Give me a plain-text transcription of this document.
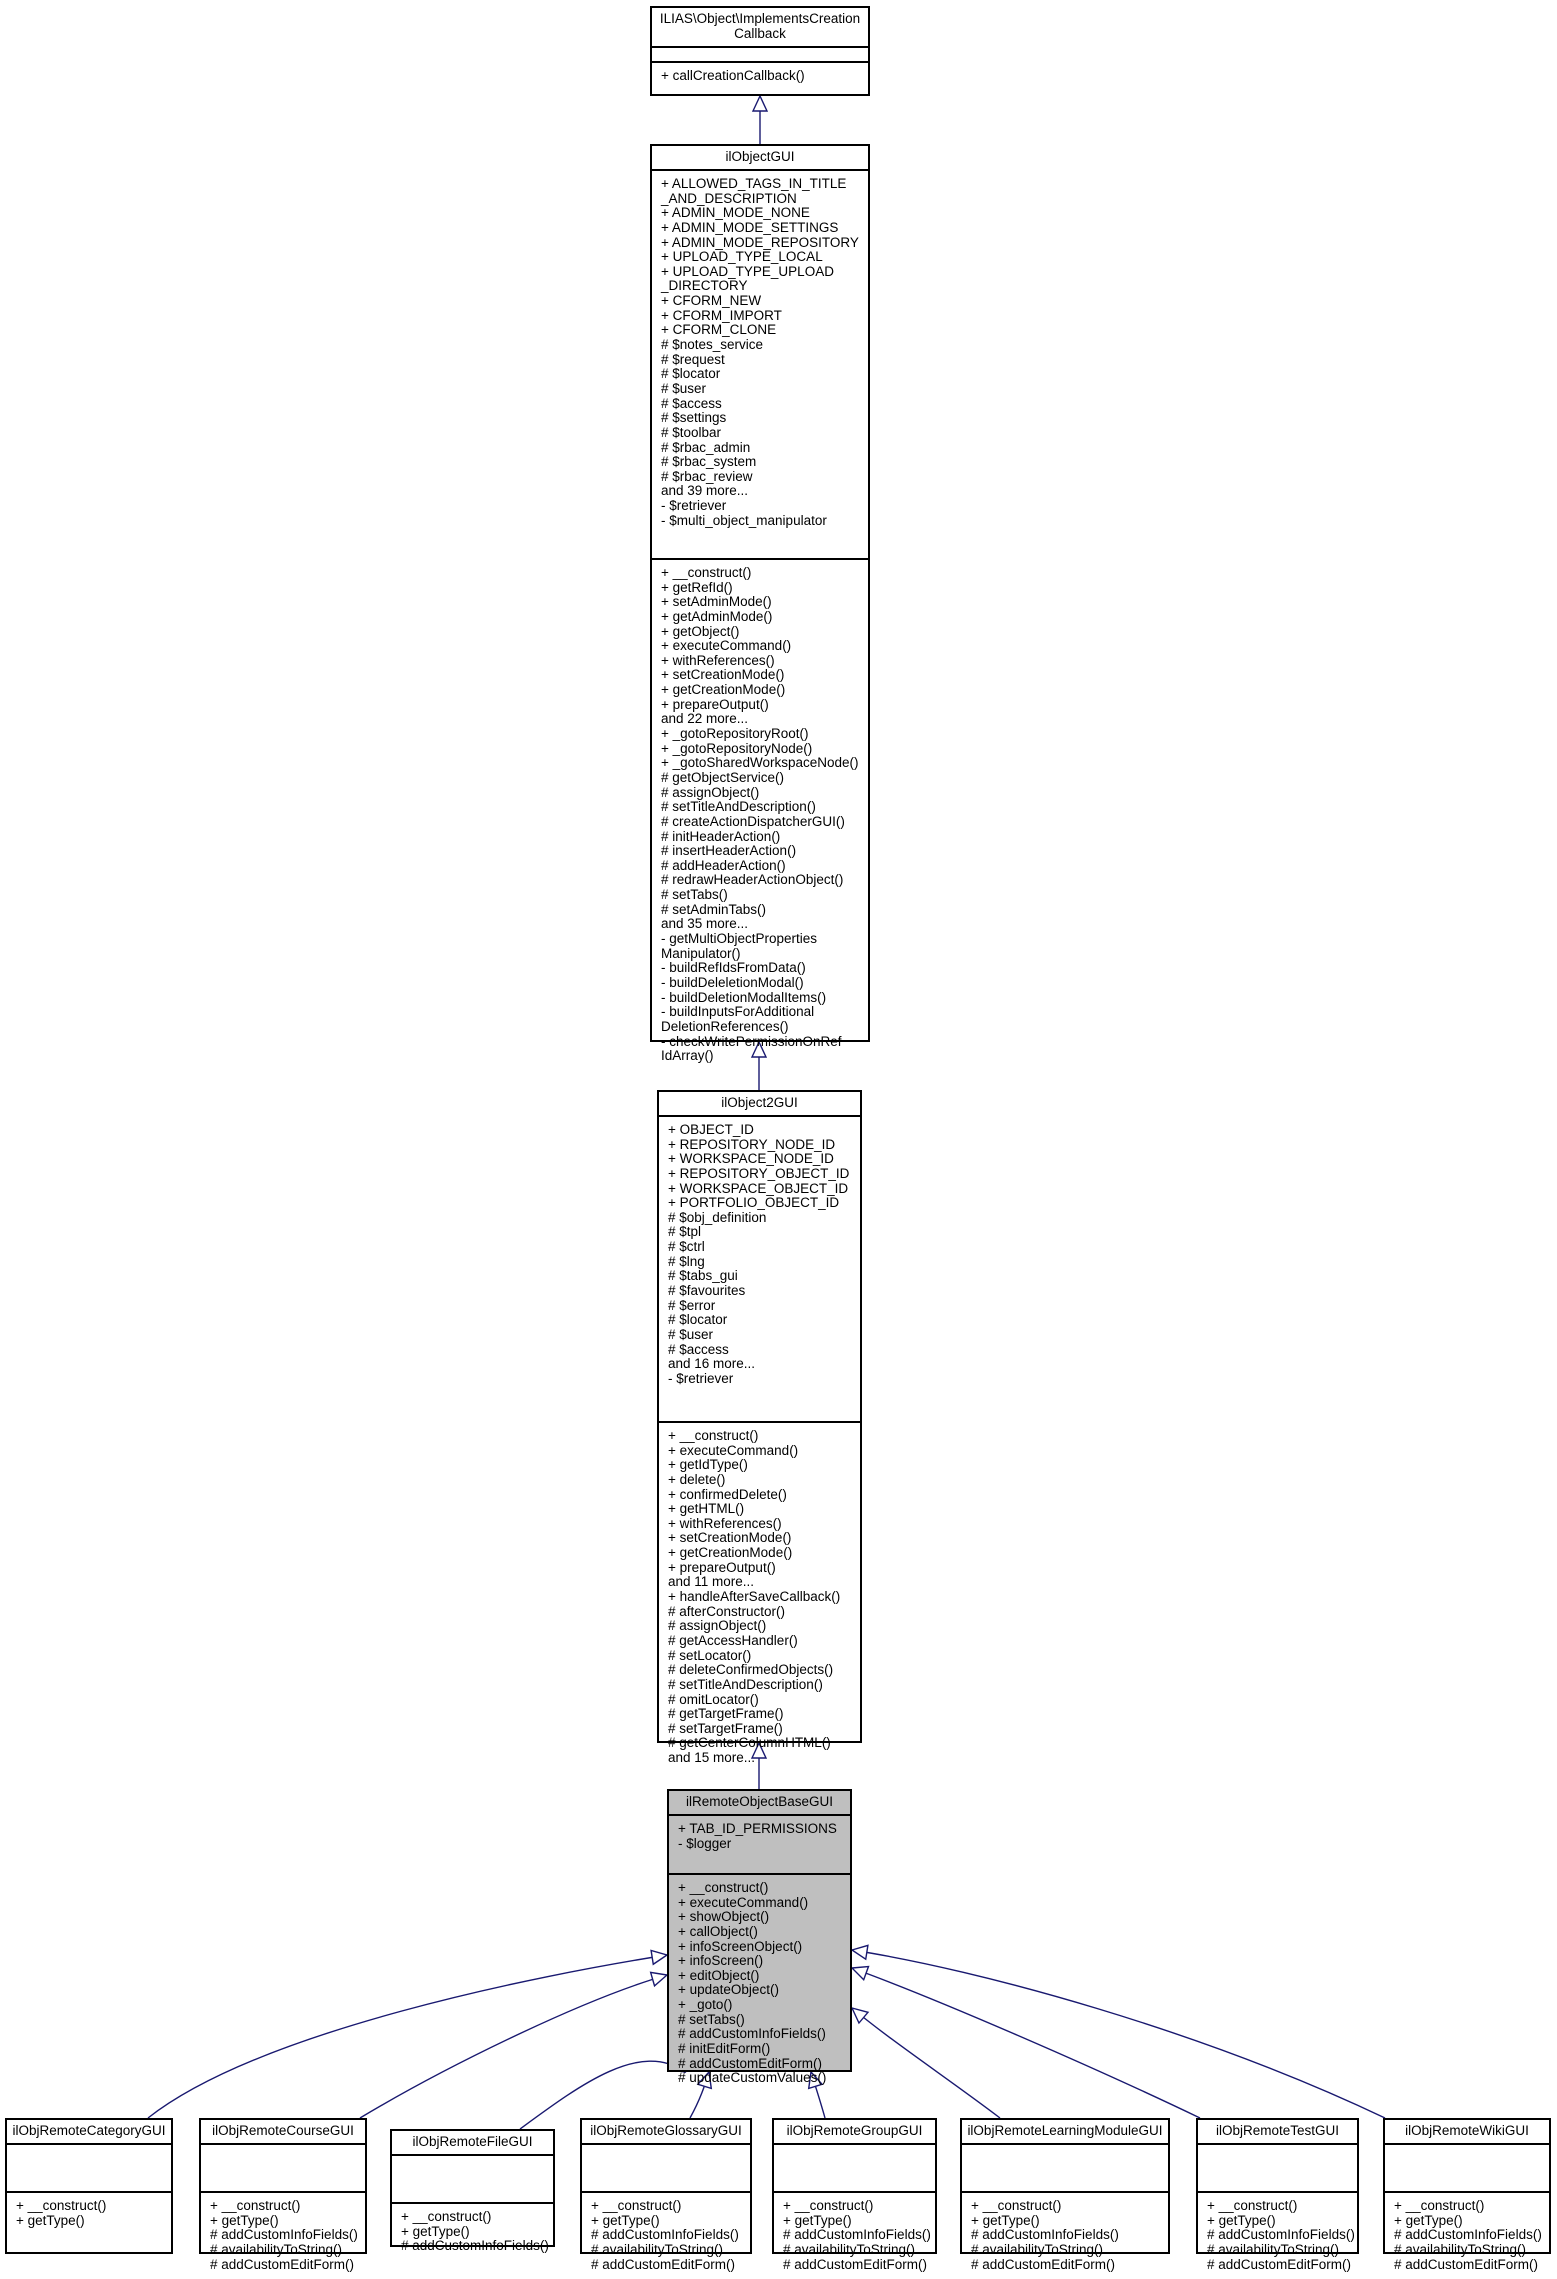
ILIAS\Object\ImplementsCreation
Callback
+ callCreationCallback()
ilObjectGUI
+ ALLOWED_TAGS_IN_TITLE
_AND_DESCRIPTION
+ ADMIN_MODE_NONE
+ ADMIN_MODE_SETTINGS
+ ADMIN_MODE_REPOSITORY
+ UPLOAD_TYPE_LOCAL
+ UPLOAD_TYPE_UPLOAD
_DIRECTORY
+ CFORM_NEW
+ CFORM_IMPORT
+ CFORM_CLONE
# $notes_service
# $request
# $locator
# $user
# $access
# $settings
# $toolbar
# $rbac_admin
# $rbac_system
# $rbac_review
and 39 more...
- $retriever
- $multi_object_manipulator
+ __construct()
+ getRefId()
+ setAdminMode()
+ getAdminMode()
+ getObject()
+ executeCommand()
+ withReferences()
+ setCreationMode()
+ getCreationMode()
+ prepareOutput()
and 22 more...
+ _gotoRepositoryRoot()
+ _gotoRepositoryNode()
+ _gotoSharedWorkspaceNode()
# getObjectService()
# assignObject()
# setTitleAndDescription()
# createActionDispatcherGUI()
# initHeaderAction()
# insertHeaderAction()
# addHeaderAction()
# redrawHeaderActionObject()
# setTabs()
# setAdminTabs()
and 35 more...
- getMultiObjectProperties
Manipulator()
- buildRefIdsFromData()
- buildDeleletionModal()
- buildDeletionModalItems()
- buildInputsForAdditional
DeletionReferences()
- checkWritePermissionOnRef
IdArray()
ilObject2GUI
+ OBJECT_ID
+ REPOSITORY_NODE_ID
+ WORKSPACE_NODE_ID
+ REPOSITORY_OBJECT_ID
+ WORKSPACE_OBJECT_ID
+ PORTFOLIO_OBJECT_ID
# $obj_definition
# $tpl
# $ctrl
# $lng
# $tabs_gui
# $favourites
# $error
# $locator
# $user
# $access
and 16 more...
- $retriever
+ __construct()
+ executeCommand()
+ getIdType()
+ delete()
+ confirmedDelete()
+ getHTML()
+ withReferences()
+ setCreationMode()
+ getCreationMode()
+ prepareOutput()
and 11 more...
+ handleAfterSaveCallback()
# afterConstructor()
# assignObject()
# getAccessHandler()
# setLocator()
# deleteConfirmedObjects()
# setTitleAndDescription()
# omitLocator()
# getTargetFrame()
# setTargetFrame()
# getCenterColumnHTML()
and 15 more...
ilRemoteObjectBaseGUI
+ TAB_ID_PERMISSIONS
- $logger
+ __construct()
+ executeCommand()
+ showObject()
+ callObject()
+ infoScreenObject()
+ infoScreen()
+ editObject()
+ updateObject()
+ _goto()
# setTabs()
# addCustomInfoFields()
# initEditForm()
# addCustomEditForm()
# updateCustomValues()
ilObjRemoteCategoryGUI
+ __construct()
+ getType()
ilObjRemoteCourseGUI
+ __construct()
+ getType()
# addCustomInfoFields()
# availabilityToString()
# addCustomEditForm()
ilObjRemoteFileGUI
+ __construct()
+ getType()
# addCustomInfoFields()
ilObjRemoteGlossaryGUI
+ __construct()
+ getType()
# addCustomInfoFields()
# availabilityToString()
# addCustomEditForm()
ilObjRemoteGroupGUI
+ __construct()
+ getType()
# addCustomInfoFields()
# availabilityToString()
# addCustomEditForm()
ilObjRemoteLearningModuleGUI
+ __construct()
+ getType()
# addCustomInfoFields()
# availabilityToString()
# addCustomEditForm()
ilObjRemoteTestGUI
+ __construct()
+ getType()
# addCustomInfoFields()
# availabilityToString()
# addCustomEditForm()
ilObjRemoteWikiGUI
+ __construct()
+ getType()
# addCustomInfoFields()
# availabilityToString()
# addCustomEditForm()
